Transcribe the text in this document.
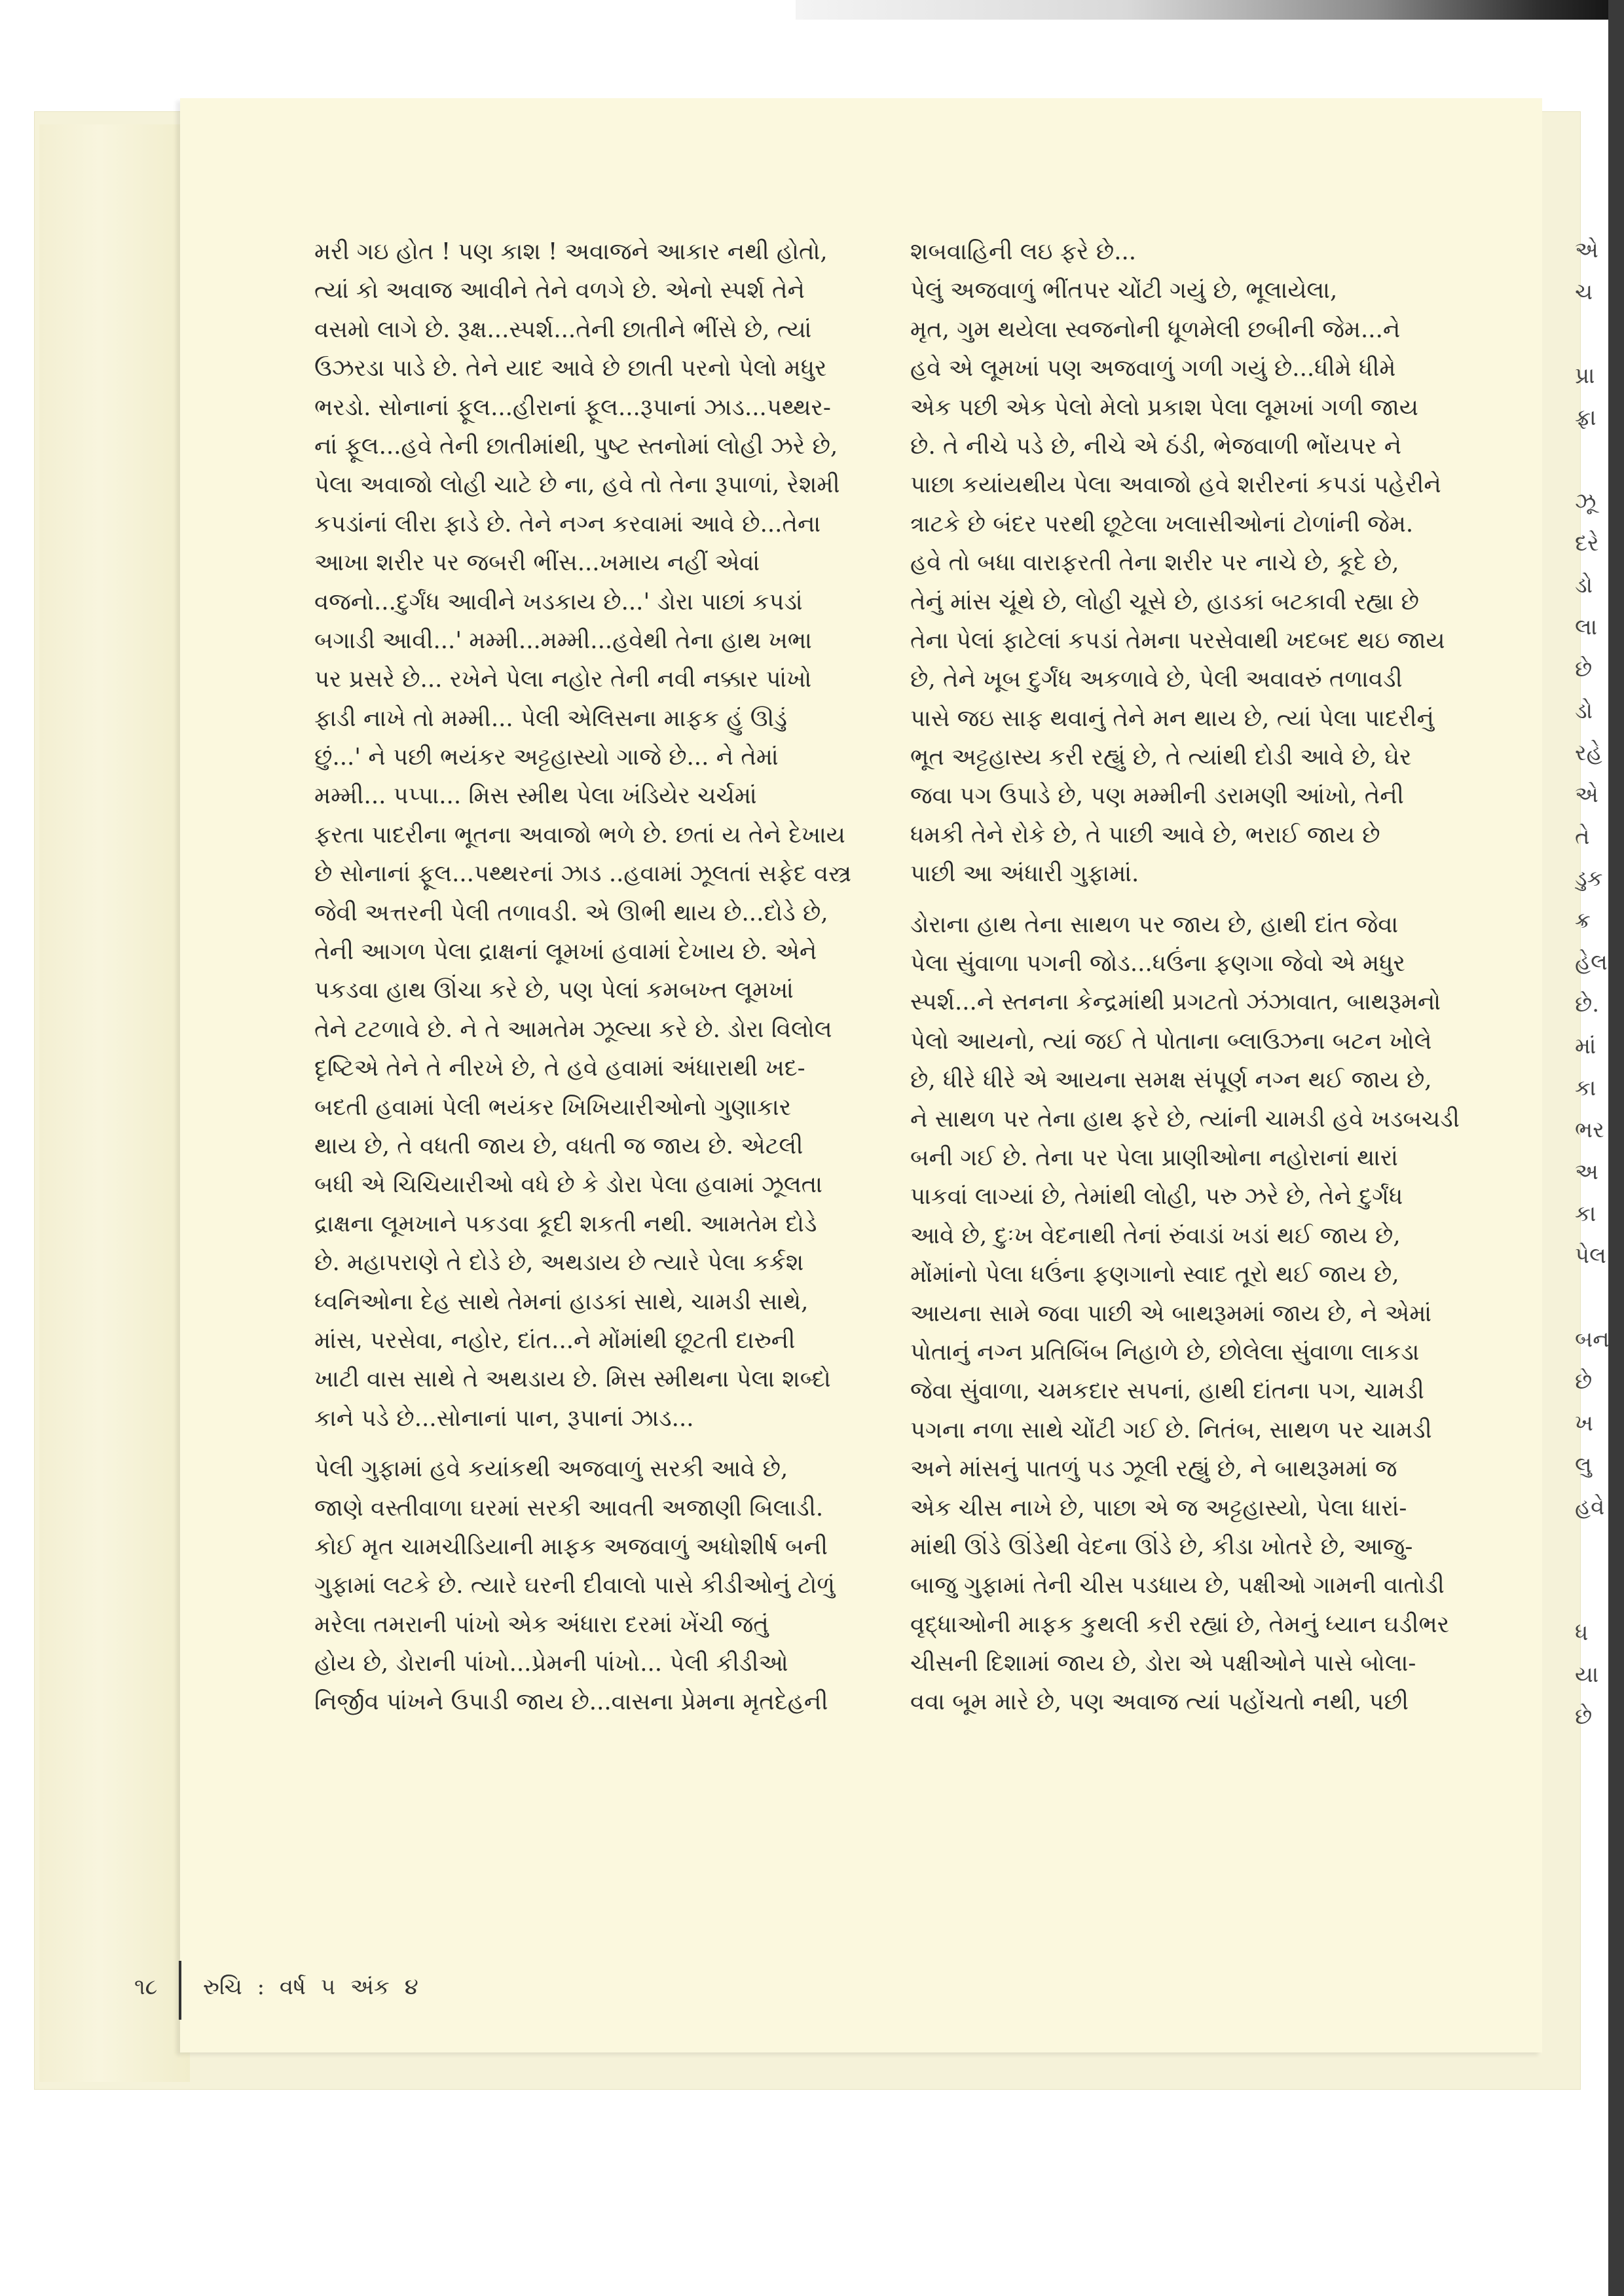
એ
ચ
પ્રા
ફ્રા
ઝૂ
દરે
ડો
લા
છે
ડો
રહે
એ
તે
ડુક
ક્ર
હેલ
છે.
માં
કા
ભર
અ
કા
પેલ
બન
છે
ખ
લુ
હવે
ધ
યા
છે
મરી ગઇ હોત ! પણ કાશ ! અવાજને આકાર નથી હોતો,
ત્યાં કો અવાજ આવીને તેને વળગે છે. એનો સ્પર્શ તેને
વસમો લાગે છે. રૂક્ષ...સ્પર્શ...તેની છાતીને ભીંસે છે, ત્યાં
ઉઝરડા પાડે છે. તેને યાદ આવે છે છાતી પરનો પેલો મધુર
ભરડો. સોનાનાં ફૂલ...હીરાનાં ફૂલ...રૂપાનાં ઝાડ...પથ્થર-
નાં ફૂલ...હવે તેની છાતીમાંથી, પુષ્ટ સ્તનોમાં લોહી ઝરે છે,
પેલા અવાજો લોહી ચાટે છે ના, હવે તો તેના રૂપાળાં, રેશમી
કપડાંનાં લીરા ફાડે છે. તેને નગ્ન કરવામાં આવે છે...તેના
આખા શરીર પર જબરી ભીંસ...ખમાય નહીં એવાં
વજનો...દુર્ગંધ આવીને ખડકાય છે...' ડોરા પાછાં કપડાં
બગાડી આવી...' મમ્મી...મમ્મી...હવેથી તેના હાથ ખભા
પર પ્રસરે છે... રખેને પેલા નહોર તેની નવી નક્કાર પાંખો
ફાડી નાખે તો મમ્મી... પેલી એલિસના માફક હું ઊડું
છું...' ને પછી ભયંકર અટ્ટહાસ્યો ગાજે છે... ને તેમાં
મમ્મી... પપ્પા... મિસ સ્મીથ પેલા ખંડિયેર ચર્ચમાં
ફરતા પાદરીના ભૂતના અવાજો ભળે છે. છતાં ય તેને દેખાય
છે સોનાનાં ફૂલ...પથ્થરનાં ઝાડ ..હવામાં ઝૂલતાં સફેદ વસ્ત્ર
જેવી અત્તરની પેલી તળાવડી. એ ઊભી થાય છે...દોડે છે,
તેની આગળ પેલા દ્રાક્ષનાં લૂમખાં હવામાં દેખાય છે. એને
પકડવા હાથ ઊંચા કરે છે, પણ પેલાં કમબખ્ત લૂમખાં
તેને ટટળાવે છે. ને તે આમતેમ ઝૂલ્યા કરે છે. ડોરા વિલોલ
દૃષ્ટિએ તેને તે નીરખે છે, તે હવે હવામાં અંધારાથી ખદ-
બદતી હવામાં પેલી ભયંકર ખિખિયારીઓનો ગુણાકાર
થાય છે, તે વધતી જાય છે, વધતી જ જાય છે. એટલી
બધી એ ચિચિયારીઓ વધે છે કે ડોરા પેલા હવામાં ઝૂલતા
દ્રાક્ષના લૂમખાને પકડવા કૂદી શકતી નથી. આમતેમ દોડે
છે. મહાપરાણે તે દોડે છે, અથડાય છે ત્યારે પેલા કર્કશ
ધ્વનિઓના દેહ સાથે તેમનાં હાડકાં સાથે, ચામડી સાથે,
માંસ, પરસેવા, નહોર, દાંત...ને મોંમાંથી છૂટતી દારુની
ખાટી વાસ સાથે તે અથડાય છે. મિસ સ્મીથના પેલા શબ્દો
કાને પડે છે...સોનાનાં પાન, રૂપાનાં ઝાડ...
પેલી ગુફામાં હવે કયાંકથી અજવાળું સરકી આવે છે,
જાણે વસ્તીવાળા ઘરમાં સરકી આવતી અજાણી બિલાડી.
કોઈ મૃત ચામચીડિયાની માફક અજવાળું અધોશીર્ષ બની
ગુફામાં લટકે છે. ત્યારે ઘરની દીવાલો પાસે કીડીઓનું ટોળું
મરેલા તમરાની પાંખો એક અંધારા દરમાં ખેંચી જતું
હોય છે, ડોરાની પાંખો...પ્રેમની પાંખો... પેલી કીડીઓ
નિર્જીવ પાંખને ઉપાડી જાય છે...વાસના પ્રેમના મૃતદેહની
શબવાહિની લઇ ફરે છે...
પેલું અજવાળું ભીંતપર ચોંટી ગયું છે, ભૂલાયેલા,
મૃત, ગુમ થયેલા સ્વજનોની ધૂળમેલી છબીની જેમ...ને
હવે એ લૂમખાં પણ અજવાળું ગળી ગયું છે...ધીમે ધીમે
એક પછી એક પેલો મેલો પ્રકાશ પેલા લૂમખાં ગળી જાય
છે. તે નીચે પડે છે, નીચે એ ઠંડી, ભેજવાળી ભોંયપર ને
પાછા કયાંયથીય પેલા અવાજો હવે શરીરનાં કપડાં પહેરીને
ત્રાટકે છે બંદર પરથી છૂટેલા ખલાસીઓનાં ટોળાંની જેમ.
હવે તો બધા વારાફરતી તેના શરીર પર નાચે છે, કૂદે છે,
તેનું માંસ ચૂંથે છે, લોહી ચૂસે છે, હાડકાં બટકાવી રહ્યા છે
તેના પેલાં ફાટેલાં કપડાં તેમના પરસેવાથી ખદબદ થઇ જાય
છે, તેને ખૂબ દુર્ગંધ અકળાવે છે, પેલી અવાવરું તળાવડી
પાસે જઇ સાફ થવાનું તેને મન થાય છે, ત્યાં પેલા પાદરીનું
ભૂત અટ્ટહાસ્ય કરી રહ્યું છે, તે ત્યાંથી દોડી આવે છે, ઘેર
જવા પગ ઉપાડે છે, પણ મમ્મીની ડરામણી આંખો, તેની
ધમકી તેને રોકે છે, તે પાછી આવે છે, ભરાઈ જાય છે
પાછી આ અંધારી ગુફામાં.
ડોરાના હાથ તેના સાથળ પર જાય છે, હાથી દાંત જેવા
પેલા સુંવાળા પગની જોડ...ધઉંના ફણગા જેવો એ મધુર
સ્પર્શ...ને સ્તનના કેન્દ્રમાંથી પ્રગટતો ઝંઝાવાત, બાથરૂમનો
પેલો આયનો, ત્યાં જઈ તે પોતાના બ્લાઉઝના બટન ખોલે
છે, ધીરે ધીરે એ આયના સમક્ષ સંપૂર્ણ નગ્ન થઈ જાય છે,
ને સાથળ પર તેના હાથ ફરે છે, ત્યાંની ચામડી હવે ખડબચડી
બની ગઈ છે. તેના પર પેલા પ્રાણીઓના નહોરાનાં થારાં
પાકવાં લાગ્યાં છે, તેમાંથી લોહી, પરુ ઝરે છે, તેને દુર્ગંધ
આવે છે, દુઃખ વેદનાથી તેનાં રુંવાડાં ખડાં થઈ જાય છે,
મોંમાંનો પેલા ધઉંના ફણગાનો સ્વાદ તૂરો થઈ જાય છે,
આયના સામે જવા પાછી એ બાથરૂમમાં જાય છે, ને એમાં
પોતાનું નગ્ન પ્રતિબિંબ નિહાળે છે, છોલેલા સુંવાળા લાકડા
જેવા સુંવાળા, ચમકદાર સપનાં, હાથી દાંતના પગ, ચામડી
પગના નળા સાથે ચોંટી ગઈ છે. નિતંબ, સાથળ પર ચામડી
અને માંસનું પાતળું પડ ઝૂલી રહ્યું છે, ને બાથરૂમમાં જ
એક ચીસ નાખે છે, પાછા એ જ અટ્ટહાસ્યો, પેલા ધારાં-
માંથી ઊંડે ઊંડેથી વેદના ઊંડે છે, કીડા ખોતરે છે, આજુ-
બાજુ ગુફામાં તેની ચીસ પડધાય છે, પક્ષીઓ ગામની વાતોડી
વૃદ્ધાઓની માફક કુથલી કરી રહ્યાં છે, તેમનું ધ્યાન ઘડીભર
ચીસની દિશામાં જાય છે, ડોરા એ પક્ષીઓને પાસે બોલા-
વવા બૂમ મારે છે, પણ અવાજ ત્યાં પહોંચતો નથી, પછી
૧૮ રુચિ : વર્ષ ૫ અંક ૪
